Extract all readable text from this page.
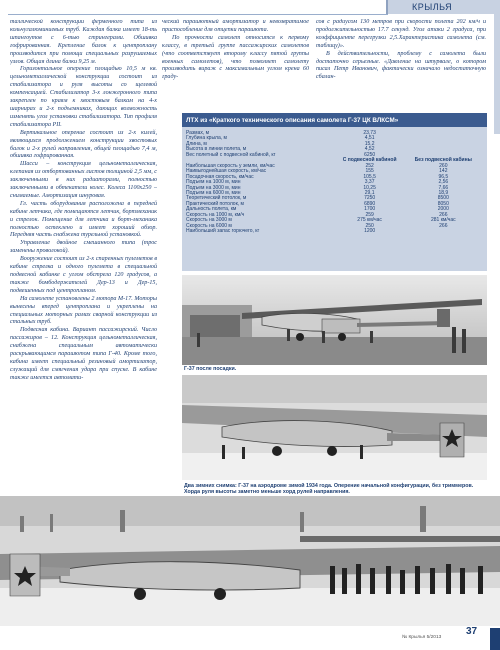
КРЫЛЬЯ

таллической конструкции ферменного типа из кольчугалюминиевых труб. Каждая балка имеет 18-ть шпангоутов с 6-тью стрингерами. Обшивка гофрированная. Крепление балок к центроплану производится при помощи специальных разрушаемых узлов. Общая длина балки 9,25 м.

Горизонтальное оперение площадью 10,5 м кв. цельнометаллической конструкции состоит из стабилизатора и руля высоты со щелевой компенсацией. Стабилизатор 3-х лонжеронного типа закреплен по краям к хвостовым балкам на 4-х шарнирах и 2-х подъемниках, дающих возможность изменять угол установки стабилизатора. Тип профиля стабилизатора РII.

Вертикальное оперение состоит из 2-х килей, являющихся продолжением конструкции хвостовых балок и 2-х рулей направления, общей площадью 7,4 м, обшивка гофрированная.

Шасси – конструкция цельнометаллическая, клепаная из отбортованных листов толщиной 2,5 мм, с заключенными в них радиаторами, полностью заключенными в обтекатели колес. Колеса 1100х250 – снимаемые. Амортизация шнуровая.

Гл. часть оборудования расположена в передней кабине летчика, где помещаются летчик, бортмеханик и стрелок. Помещение для летчика и борт-механика полностью остеклено и имеет хороший обзор. Передняя часть снабжена турельной установкой.

Управление двойное смешанного типа (трос заменены проволокой).

Вооружение состоит из 2-х спаренных пулеметов в кабине стрелка и одного пулемета в специальной подвесной кабинке с углом обстрела 120 градусов, а также бомбодержателей Дер-13 и Дер-15, подвешенных под центропланом.

На самолете установлены 2 мотора М-17. Моторы вынесены вперед центроплана и укреплены на специальных моторных рамах сварной конструкции из стальных труб.

Подвесная кабина. Вариант пассажирский. Число пассажиров – 12. Конструкция цельнометаллическая, снабжена специальным автоматически раскрывающимся парашютом типа Г-40. Кроме того, кабина имеет специальный резиновый амортизатор, служащий для смягчения удара при спуске. В кабине также имеется автомати-

ческий парашютный амортизатор и невозвратимое приспособление для отцепки парашюта.

По прочности самолет относится к первому классу, в третьей группе пассажирских самолетов (что соответствует второму классу пятой группы военных самолетов), что позволяет самолету производить вираж с максимальным углом крена 60 граду-

сов с радиусом 130 метров при скорости полета 202 км/ч и продолжительностью 17.7 секунд. Угол атаки 2 градуса, при коэффициенте перегрузки 2,5.Характеристика самолета (см. таблицу)».

В действительности, проблему с самолета были достаточно серьезные. «Давление на штурвале, о котором писал Петр Иванович, фактически означало недостаточную сбалан-

ЛТХ из «Краткого технического описания самолета Г-37 ЦК ВЛКСМ»
Размах, м	23,73	
Глубина крыла, м	4,51	
Длина, м	15,2	
Высота в линии полета, м	4,52	
Вес полетный с подвесной кабиной, кг	6250	
	С подвесной кабиной	Без подвесной кабины
Наибольшая скорость у земли, км/час	252	260
Наивыгоднейшая скорость, км/час	155	142
Посадочная скорость, км/час	105,5	96,5
Подъем на 1000 м, мин	3,37	2,56
Подъем на 3000 м, мин	10,25	7,66
Подъем на 6000 м, мин	29,1	18,9
Теоретический потолок, м	7250	8500
Практический потолок, м	6890	8050
Дальность полета, км	1700	2000
Скорость на 1000 м, км/ч	259	266
Скорость на 3000 м	275 км/час	281 км/час
Скорость на 6000 м	250	266
Наибольший запас горючего, кг	1200	
Г-37 после посадки.
Два зимних снимка: Г-37 на аэродроме зимой 1934 года. Оперение начальной конфигурации, без триммеров. Хорда руля высоты заметно меньше хорд рулей направления.
№ Крылья 5/2013
37
